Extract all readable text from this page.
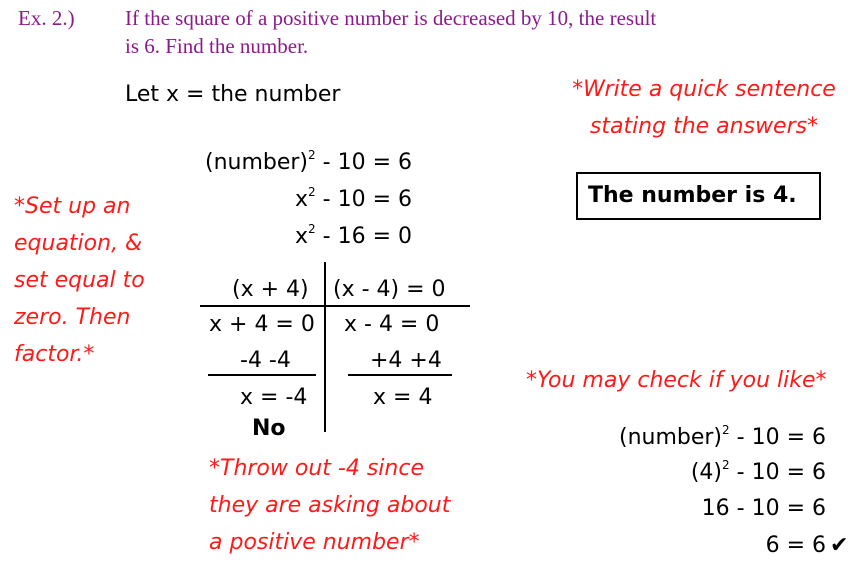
Ex. 2.) If the square of a positive number is decreased by 10, the result
is 6. Find the number.
Let x = the number
(number)$^2$ - 10 = 6
$x^2 - 10 = 6$
$x^2 - 16 = 0$
(x + 4) (x - 4) = 0
x + 4 = 0
-4 -4
x = -4
No
x - 4 = 0
+4 +4
x = 4
*Set up an
equation, &
set equal to
zero. Then
factor.*
*Write a quick sentence
stating the answers*
The number is 4.
*Throw out -4 since
they are asking about
a positive number*
*You may check if you like*
(number)$^2$ - 10 = 6
$(4)^2 - 10 = 6$
16 - 10 = 6
6 = 6 ✔
